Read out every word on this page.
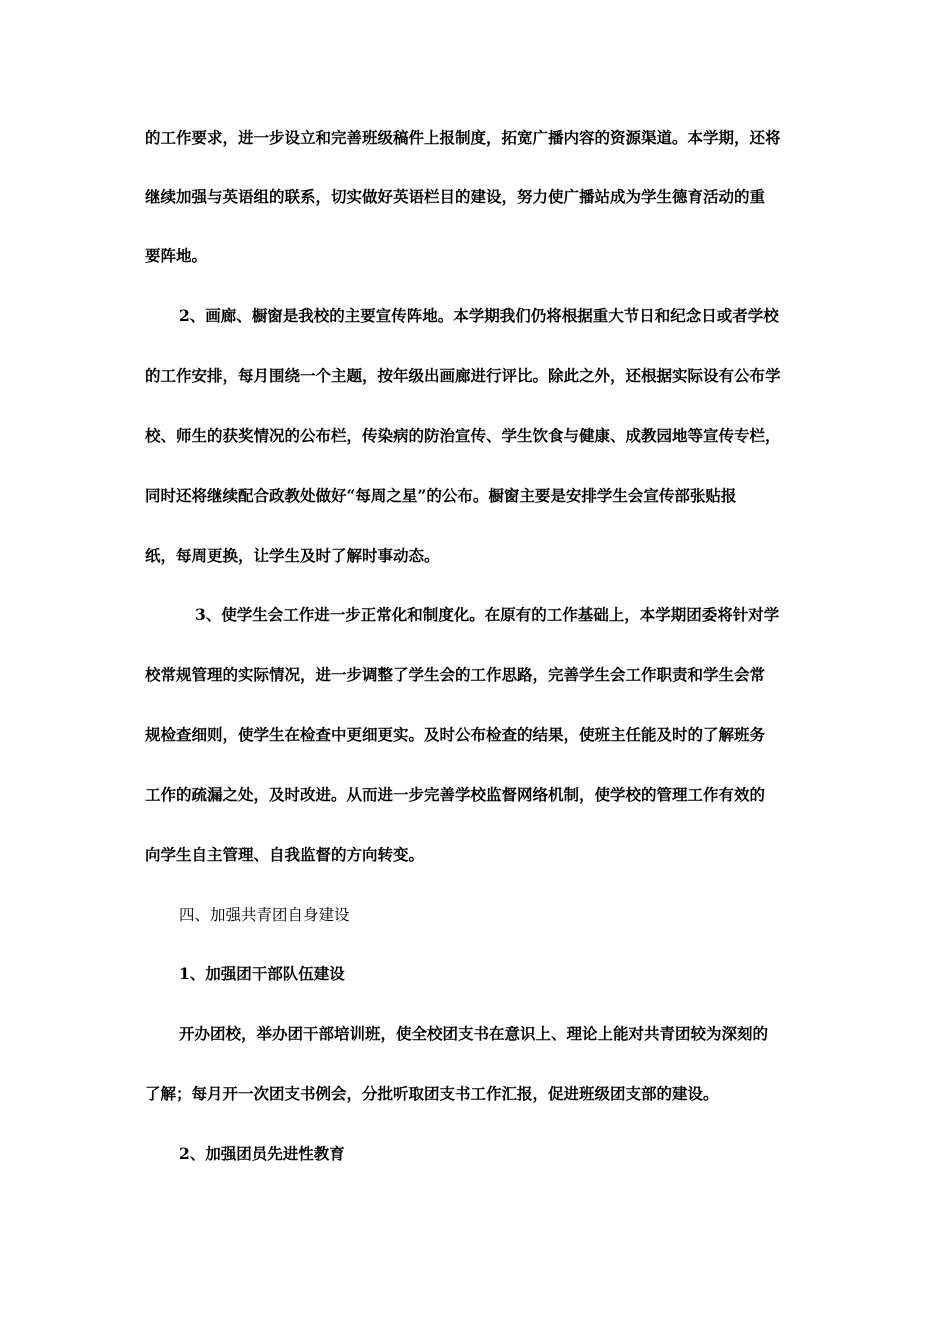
的工作要求，进一步设立和完善班级稿件上报制度，拓宽广播内容的资源渠道。本学期，还将
继续加强与英语组的联系，切实做好英语栏目的建设，努力使广播站成为学生德育活动的重
要阵地。
2、画廊、橱窗是我校的主要宣传阵地。本学期我们仍将根据重大节日和纪念日或者学校
的工作安排，每月围绕一个主题，按年级出画廊进行评比。除此之外，还根据实际设有公布学
校、师生的获奖情况的公布栏，传染病的防治宣传、学生饮食与健康、成教园地等宣传专栏，
同时还将继续配合政教处做好“每周之星”的公布。橱窗主要是安排学生会宣传部张贴报
纸，每周更换，让学生及时了解时事动态。
3、使学生会工作进一步正常化和制度化。在原有的工作基础上，本学期团委将针对学
校常规管理的实际情况，进一步调整了学生会的工作思路，完善学生会工作职责和学生会常
规检查细则，使学生在检查中更细更实。及时公布检查的结果，使班主任能及时的了解班务
工作的疏漏之处，及时改进。从而进一步完善学校监督网络机制，使学校的管理工作有效的
向学生自主管理、自我监督的方向转变。
四、加强共青团自身建设
1、加强团干部队伍建设
开办团校，举办团干部培训班，使全校团支书在意识上、理论上能对共青团较为深刻的
了解；每月开一次团支书例会，分批听取团支书工作汇报，促进班级团支部的建设。
2、加强团员先进性教育
